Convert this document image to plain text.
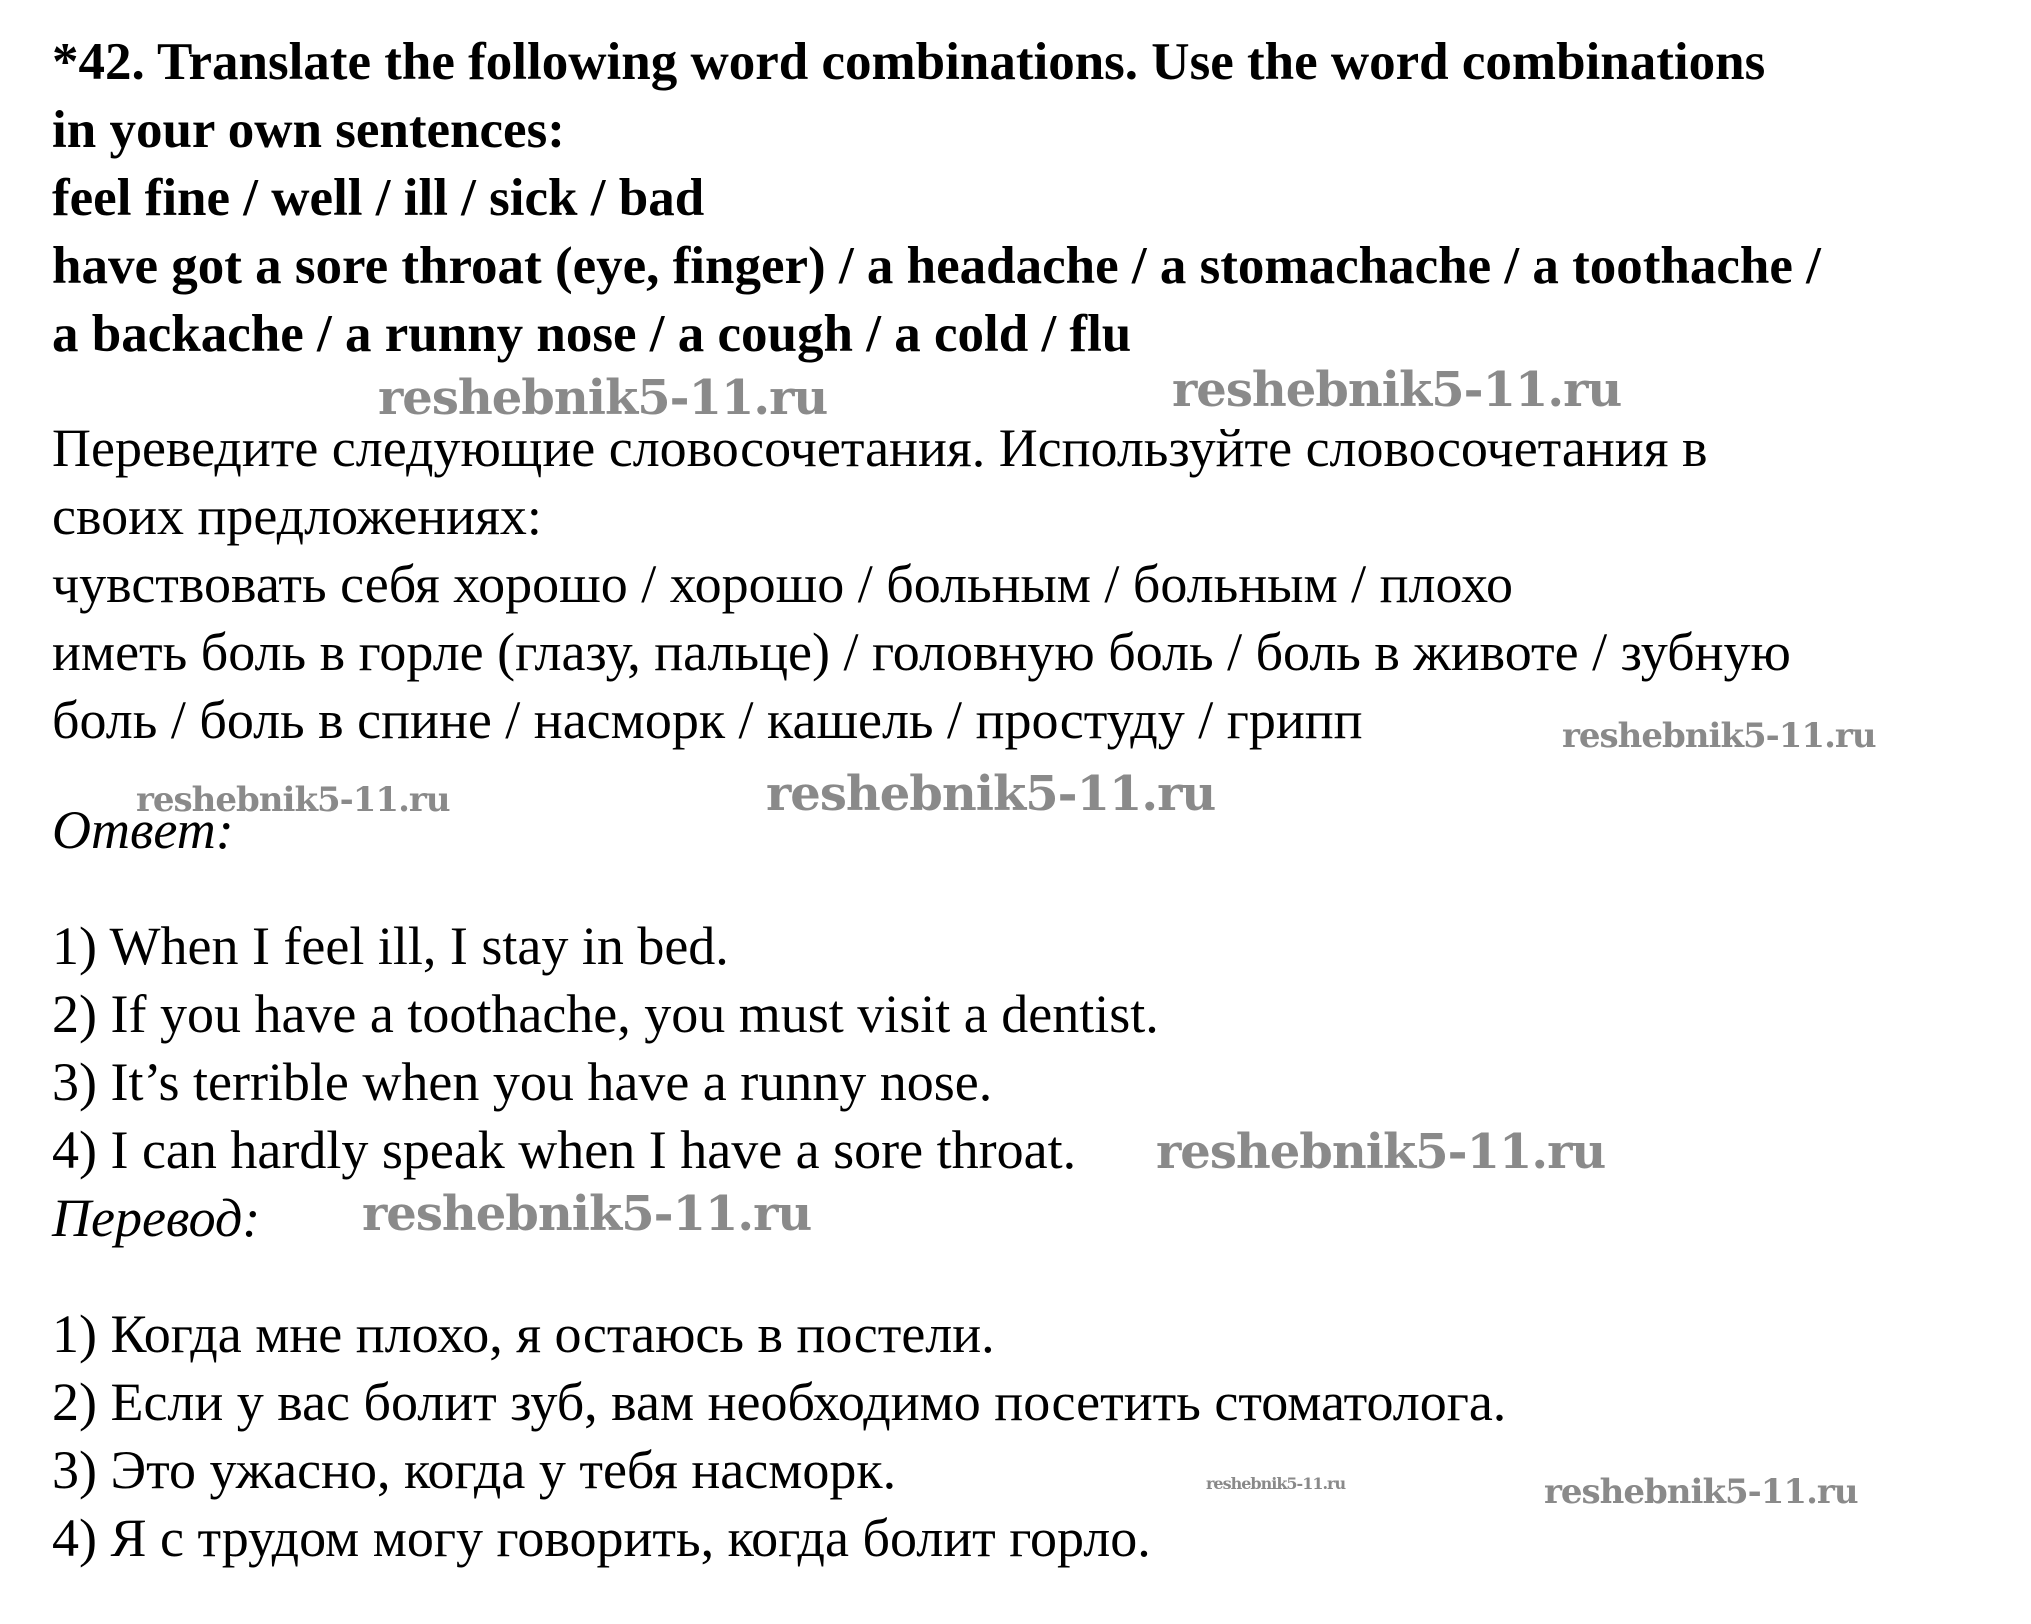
*42. Translate the following word combinations. Use the word combinations
in your own sentences:
feel fine / well / ill / sick / bad
have got a sore throat (eye, finger) / a headache / a stomachache / a toothache /
a backache / a runny nose / a cough / a cold / flu
Переведите следующие словосочетания. Используйте словосочетания в
своих предложениях:
чувствовать себя хорошо / хорошо / больным / больным / плохо
иметь боль в горле (глазу, пальце) / головную боль / боль в животе / зубную
боль / боль в спине / насморк / кашель / простуду / грипп
Ответ:
1) When I feel ill, I stay in bed.
2) If you have a toothache, you must visit a dentist.
3) It’s terrible when you have a runny nose.
4) I can hardly speak when I have a sore throat.
Перевод:
1) Когда мне плохо, я остаюсь в постели.
2) Если у вас болит зуб, вам необходимо посетить стоматолога.
3) Это ужасно, когда у тебя насморк.
4) Я с трудом могу говорить, когда болит горло.
reshebnik5-11.ru	reshebnik5-11.ru
reshebnik5-11.ru
reshebnik5-11.ru	reshebnik5-11.ru
reshebnik5-11.ru
reshebnik5-11.ru
reshebnik5-11.ru	reshebnik5-11.ru
